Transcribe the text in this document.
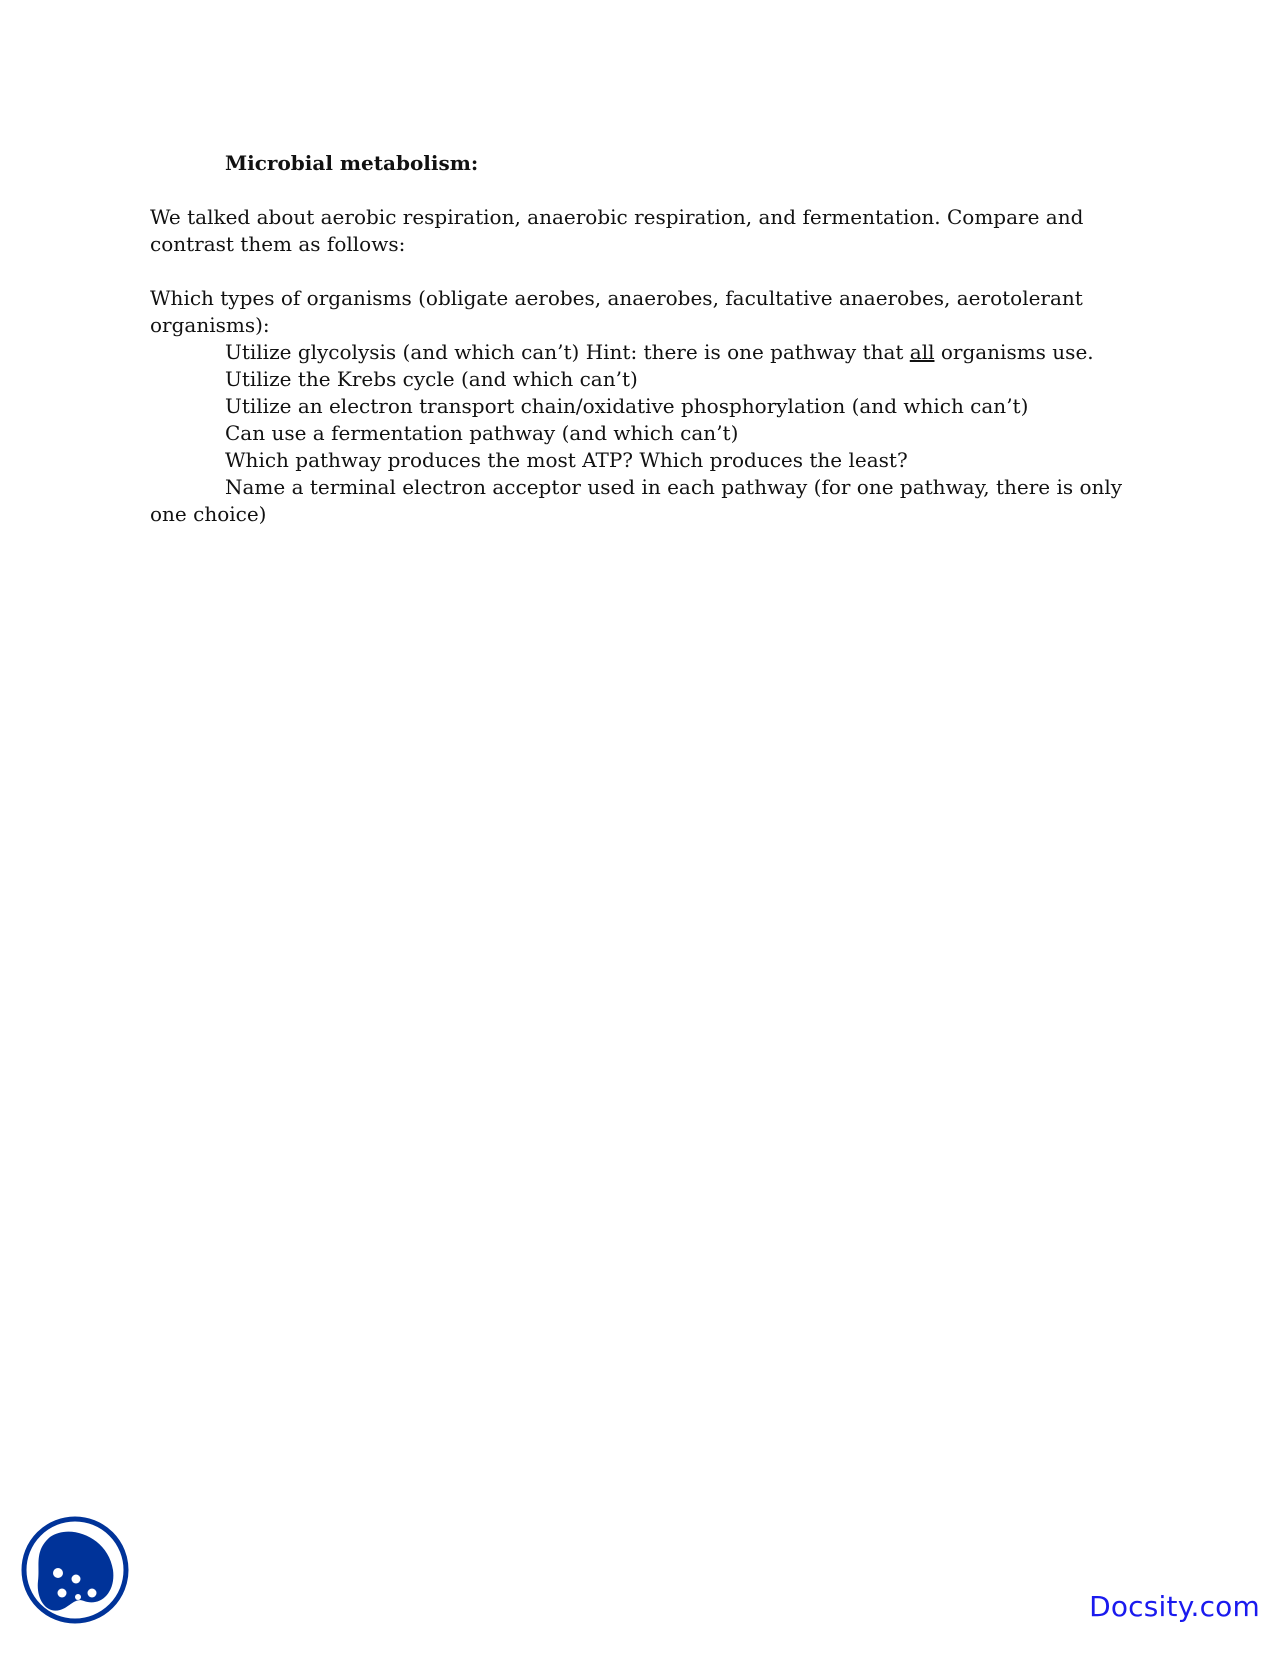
Microbial metabolism:

We talked about aerobic respiration, anaerobic respiration, and fermentation. Compare and contrast them as follows:

Which types of organisms (obligate aerobes, anaerobes, facultative anaerobes, aerotolerant organisms):

Utilize glycolysis (and which can’t) Hint: there is one pathway that all organisms use.
Utilize the Krebs cycle (and which can’t)
Utilize an electron transport chain/oxidative phosphorylation (and which can’t)
Can use a fermentation pathway (and which can’t)
Which pathway produces the most ATP? Which produces the least?
Name a terminal electron acceptor used in each pathway (for one pathway, there is only one choice)
Docsity.com
